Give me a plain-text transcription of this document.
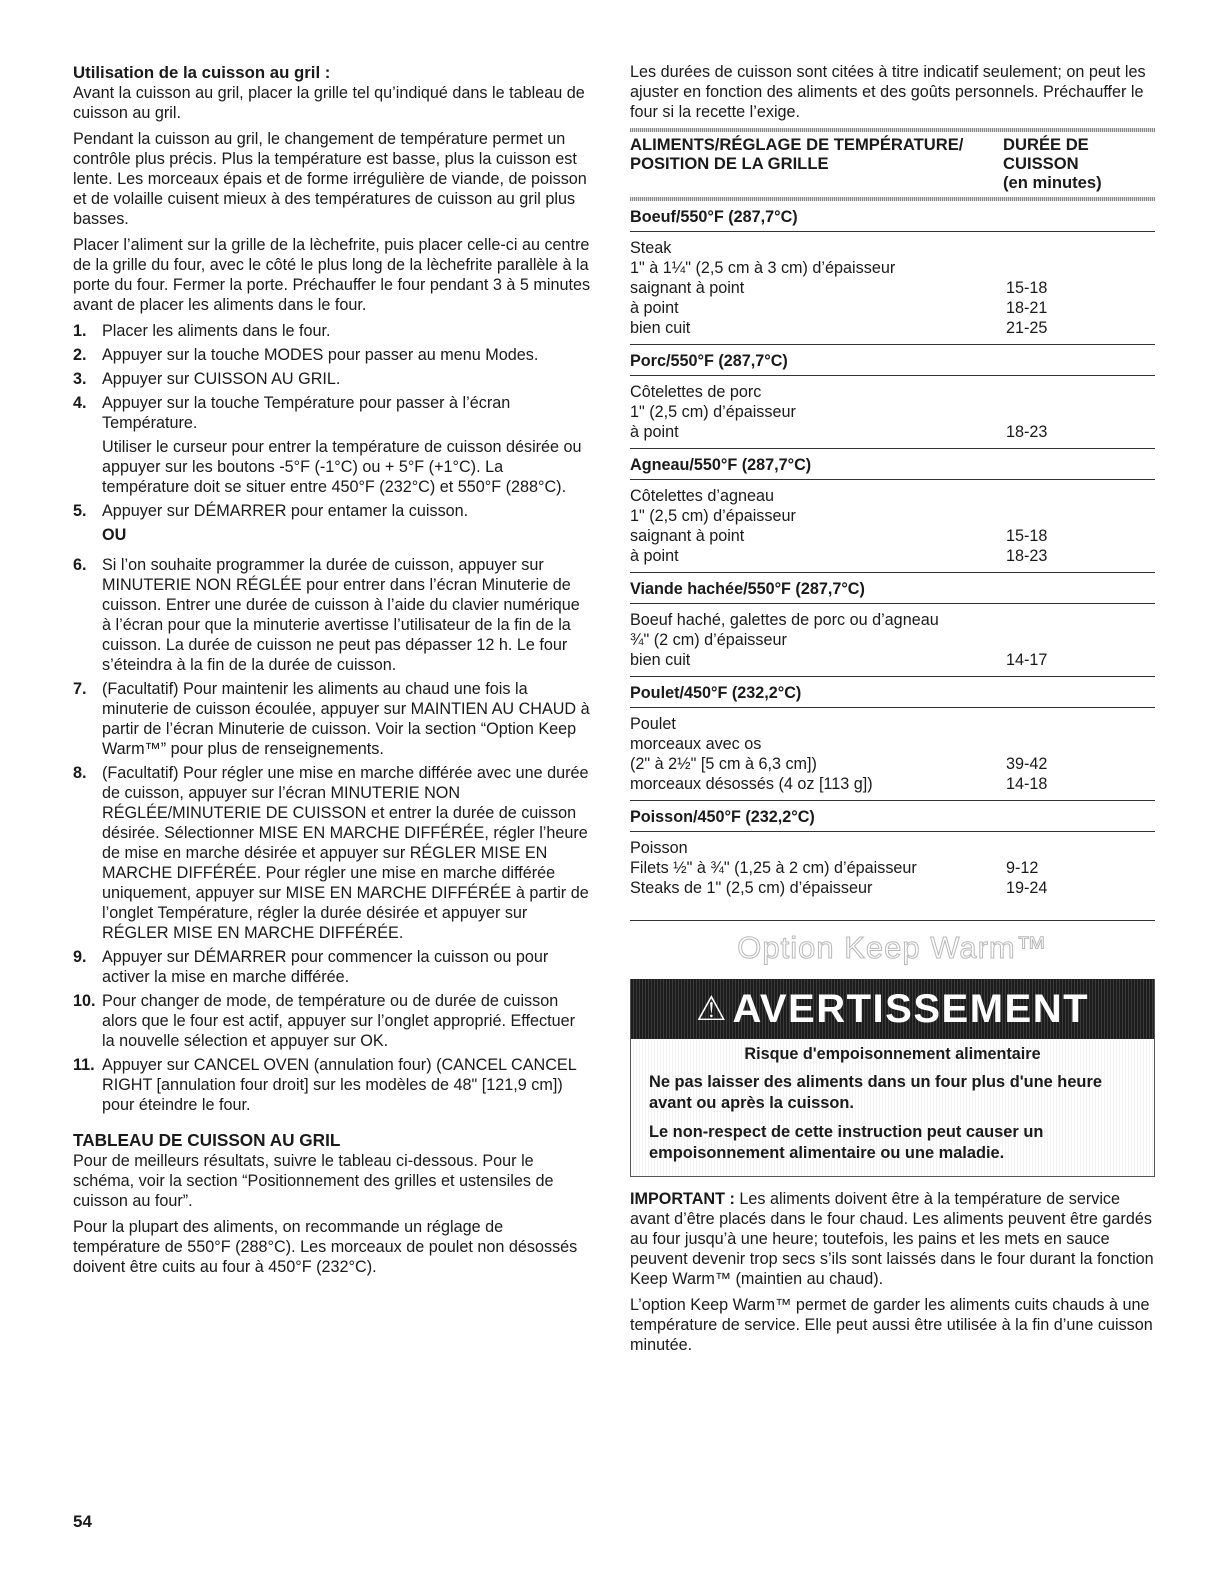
Utilisation de la cuisson au gril :

Avant la cuisson au gril, placer la grille tel qu’indiqué dans le tableau de cuisson au gril.

Pendant la cuisson au gril, le changement de température permet un contrôle plus précis. Plus la température est basse, plus la cuisson est lente. Les morceaux épais et de forme irrégulière de viande, de poisson et de volaille cuisent mieux à des températures de cuisson au gril plus basses.

Placer l’aliment sur la grille de la lèchefrite, puis placer celle-ci au centre de la grille du four, avec le côté le plus long de la lèchefrite parallèle à la porte du four. Fermer la porte. Préchauffer le four pendant 3 à 5 minutes avant de placer les aliments dans le four.

1. Placer les aliments dans le four.

2. Appuyer sur la touche MODES pour passer au menu Modes.

3. Appuyer sur CUISSON AU GRIL.

4. Appuyer sur la touche Température pour passer à l’écran Température.

Utiliser le curseur pour entrer la température de cuisson désirée ou appuyer sur les boutons -5°F (-1°C) ou + 5°F (+1°C). La température doit se situer entre 450°F (232°C) et 550°F (288°C).

5. Appuyer sur DÉMARRER pour entamer la cuisson.

OU
6. Si l’on souhaite programmer la durée de cuisson, appuyer sur MINUTERIE NON RÉGLÉE pour entrer dans l’écran Minuterie de cuisson. Entrer une durée de cuisson à l’aide du clavier numérique à l’écran pour que la minuterie avertisse l’utilisateur de la fin de la cuisson. La durée de cuisson ne peut pas dépasser 12 h. Le four s’éteindra à la fin de la durée de cuisson.

7. (Facultatif) Pour maintenir les aliments au chaud une fois la minuterie de cuisson écoulée, appuyer sur MAINTIEN AU CHAUD à partir de l’écran Minuterie de cuisson. Voir la section “Option Keep Warm™” pour plus de renseignements.

8. (Facultatif) Pour régler une mise en marche différée avec une durée de cuisson, appuyer sur l’écran MINUTERIE NON RÉGLÉE/MINUTERIE DE CUISSON et entrer la durée de cuisson désirée. Sélectionner MISE EN MARCHE DIFFÉRÉE, régler l’heure de mise en marche désirée et appuyer sur RÉGLER MISE EN MARCHE DIFFÉRÉE. Pour régler une mise en marche différée uniquement, appuyer sur MISE EN MARCHE DIFFÉRÉE à partir de l’onglet Température, régler la durée désirée et appuyer sur RÉGLER MISE EN MARCHE DIFFÉRÉE.

9. Appuyer sur DÉMARRER pour commencer la cuisson ou pour activer la mise en marche différée.

10. Pour changer de mode, de température ou de durée de cuisson alors que le four est actif, appuyer sur l’onglet approprié. Effectuer la nouvelle sélection et appuyer sur OK.

11. Appuyer sur CANCEL OVEN (annulation four) (CANCEL CANCEL RIGHT [annulation four droit] sur les modèles de 48" [121,9 cm]) pour éteindre le four.

TABLEAU DE CUISSON AU GRIL

Pour de meilleurs résultats, suivre le tableau ci-dessous. Pour le schéma, voir la section “Positionnement des grilles et ustensiles de cuisson au four”.

Pour la plupart des aliments, on recommande un réglage de température de 550°F (288°C). Les morceaux de poulet non désossés doivent être cuits au four à 450°F (232°C).

Les durées de cuisson sont citées à titre indicatif seulement; on peut les ajuster en fonction des aliments et des goûts personnels. Préchauffer le four si la recette l’exige.

ALIMENTS/RÉGLAGE DE TEMPÉRATURE/
POSITION DE LA GRILLE
DURÉE DE
CUISSON
(en minutes)
Boeuf/550°F (287,7°C)
Steak
1" à 1¼" (2,5 cm à 3 cm) d’épaisseur
saignant à point	15-18
à point	18-21
bien cuit	21-25
Porc/550°F (287,7°C)
Côtelettes de porc
1" (2,5 cm) d’épaisseur
à point	18-23
Agneau/550°F (287,7°C)
Côtelettes d’agneau
1" (2,5 cm) d’épaisseur
saignant à point	15-18
à point	18-23
Viande hachée/550°F (287,7°C)
Boeuf haché, galettes de porc ou d’agneau
¾" (2 cm) d’épaisseur
bien cuit	14-17
Poulet/450°F (232,2°C)
Poulet
morceaux avec os
(2" à 2½" [5 cm à 6,3 cm])	39-42
morceaux désossés (4 oz [113 g])	14-18
Poisson/450°F (232,2°C)
Poisson
Filets ½" à ¾" (1,25 à 2 cm) d’épaisseur	9-12
Steaks de 1" (2,5 cm) d’épaisseur	19-24
Option Keep Warm™
⚠ AVERTISSEMENT
Risque d'empoisonnement alimentaire
Ne pas laisser des aliments dans un four plus d'une heure avant ou après la cuisson.
Le non-respect de cette instruction peut causer un empoisonnement alimentaire ou une maladie.

IMPORTANT : Les aliments doivent être à la température de service avant d’être placés dans le four chaud. Les aliments peuvent être gardés au four jusqu’à une heure; toutefois, les pains et les mets en sauce peuvent devenir trop secs s’ils sont laissés dans le four durant la fonction Keep Warm™ (maintien au chaud).

L’option Keep Warm™ permet de garder les aliments cuits chauds à une température de service. Elle peut aussi être utilisée à la fin d’une cuisson minutée.

54
